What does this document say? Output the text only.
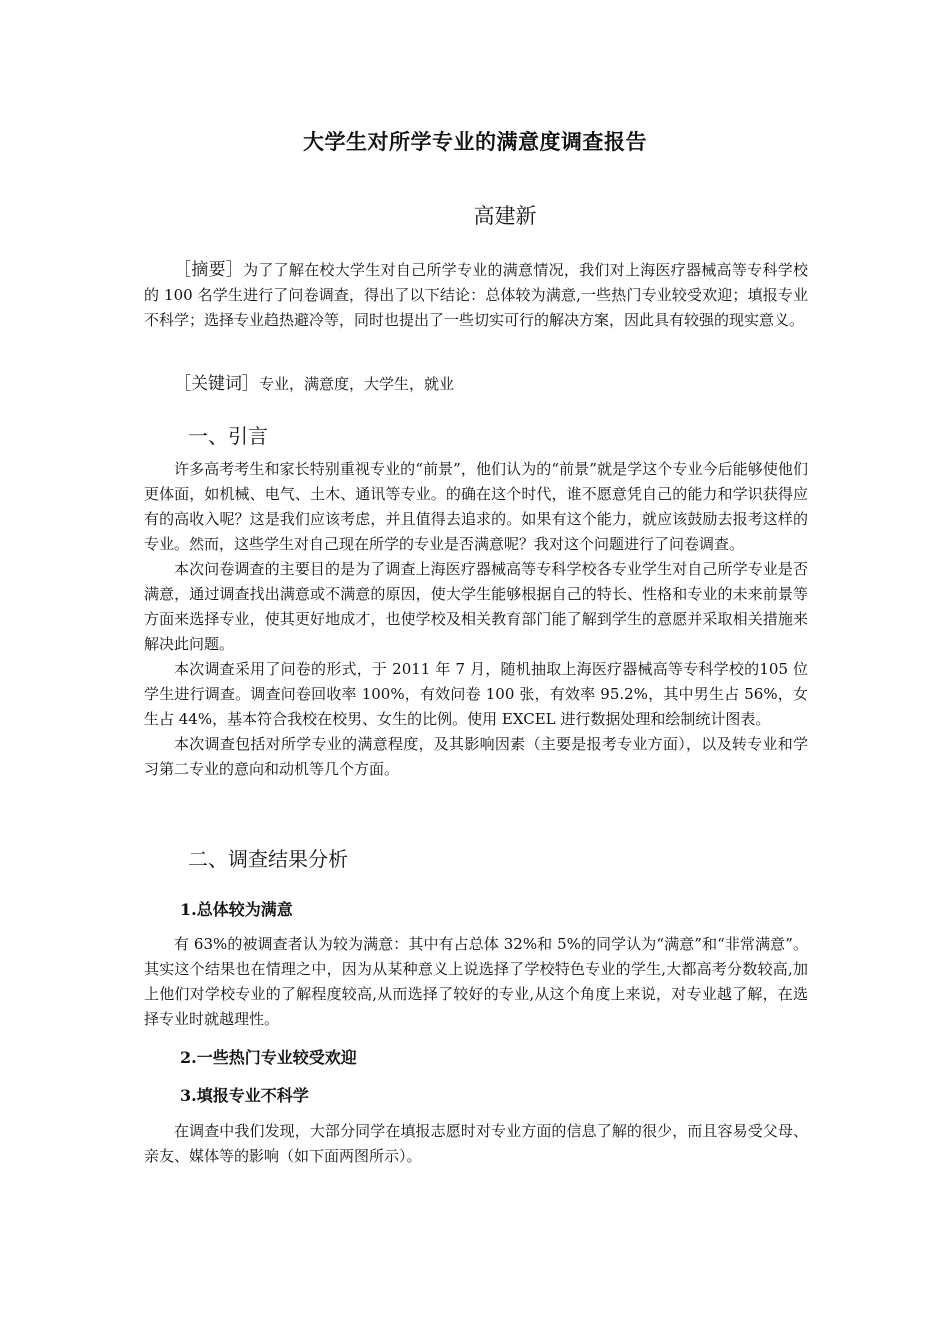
大学生对所学专业的满意度调查报告
高建新

［摘要］为了了解在校大学生对自己所学专业的满意情况，我们对上海医疗器械高等专科学校的 100 名学生进行了问卷调查，得出了以下结论：总体较为满意,一些热门专业较受欢迎；填报专业不科学；选择专业趋热避冷等，同时也提出了一些切实可行的解决方案，因此具有较强的现实意义。

［关键词］专业，满意度，大学生，就业

一、引言

许多高考考生和家长特别重视专业的“前景”，他们认为的“前景”就是学这个专业今后能够使他们更体面，如机械、电气、土木、通讯等专业。的确在这个时代，谁不愿意凭自己的能力和学识获得应有的高收入呢？这是我们应该考虑，并且值得去追求的。如果有这个能力，就应该鼓励去报考这样的专业。然而，这些学生对自己现在所学的专业是否满意呢？我对这个问题进行了问卷调查。

本次问卷调查的主要目的是为了调查上海医疗器械高等专科学校各专业学生对自己所学专业是否满意，通过调查找出满意或不满意的原因，使大学生能够根据自己的特长、性格和专业的未来前景等方面来选择专业，使其更好地成才，也使学校及相关教育部门能了解到学生的意愿并采取相关措施来解决此问题。

本次调查采用了问卷的形式，于 2011 年 7 月，随机抽取上海医疗器械高等专科学校的105 位学生进行调查。调查问卷回收率 100%，有效问卷 100 张，有效率 95.2%，其中男生占 56%，女生占 44%，基本符合我校在校男、女生的比例。使用 EXCEL 进行数据处理和绘制统计图表。

本次调查包括对所学专业的满意程度，及其影响因素（主要是报考专业方面），以及转专业和学习第二专业的意向和动机等几个方面。

二、调查结果分析
1.总体较为满意

有 63%的被调查者认为较为满意：其中有占总体 32%和 5%的同学认为“满意”和“非常满意”。其实这个结果也在情理之中，因为从某种意义上说选择了学校特色专业的学生,大都高考分数较高,加上他们对学校专业的了解程度较高,从而选择了较好的专业,从这个角度上来说，对专业越了解，在选择专业时就越理性。

2.一些热门专业较受欢迎
3.填报专业不科学

在调查中我们发现，大部分同学在填报志愿时对专业方面的信息了解的很少，而且容易受父母、亲友、媒体等的影响（如下面两图所示）。
